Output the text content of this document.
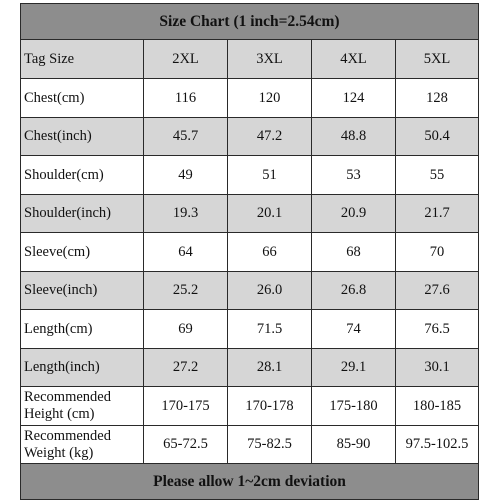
Size Chart (1 inch=2.54cm)				
Tag Size	2XL	3XL	4XL	5XL
Chest(cm)	116	120	124	128
Chest(inch)	45.7	47.2	48.8	50.4
Shoulder(cm)	49	51	53	55
Shoulder(inch)	19.3	20.1	20.9	21.7
Sleeve(cm)	64	66	68	70
Sleeve(inch)	25.2	26.0	26.8	27.6
Length(cm)	69	71.5	74	76.5
Length(inch)	27.2	28.1	29.1	30.1
Recommended
Height (cm)	170-175	170-178	175-180	180-185
Recommended
Weight (kg)	65-72.5	75-82.5	85-90	97.5-102.5
Please allow 1~2cm deviation				
